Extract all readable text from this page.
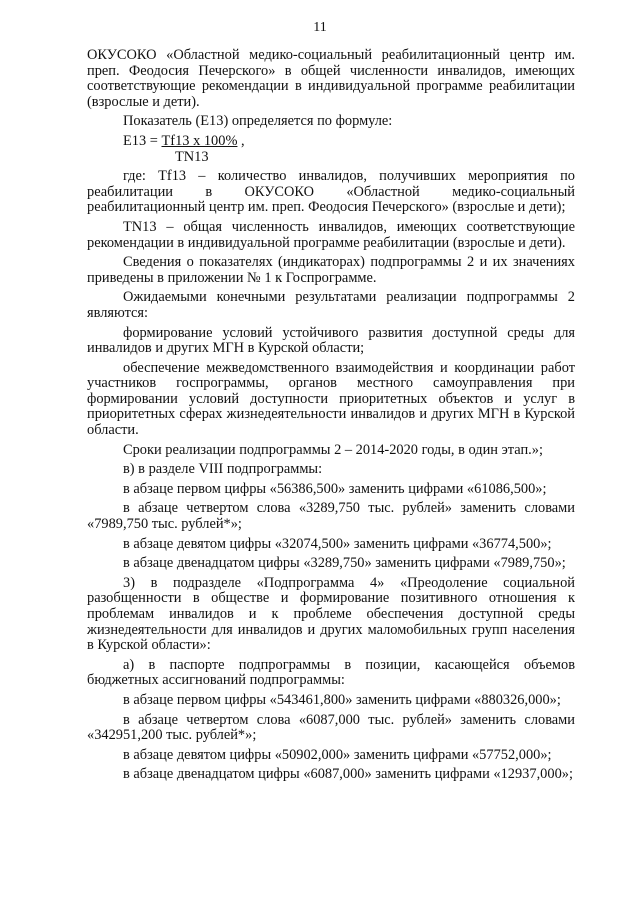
11

ОКУСОКО «Областной медико-социальный реабилитационный центр им. преп. Феодосия Печерского» в общей численности инвалидов, имеющих соответствующие рекомендации в индивидуальной программе реабилитации (взрослые и дети).

Показатель (Е13) определяется по формуле:

Е13 = Tf13 x 100% ,

TN13

где: Tf13 – количество инвалидов, получивших мероприятия по реабилитации в ОКУСОКО «Областной медико-социальный реабилитационный центр им. преп. Феодосия Печерского» (взрослые и дети);

TN13 – общая численность инвалидов, имеющих соответствующие рекомендации в индивидуальной программе реабилитации (взрослые и дети).

Сведения о показателях (индикаторах) подпрограммы 2 и их значениях приведены в приложении № 1 к Госпрограмме.

Ожидаемыми конечными результатами реализации подпрограммы 2 являются:

формирование условий устойчивого развития доступной среды для инвалидов и других МГН в Курской области;

обеспечение межведомственного взаимодействия и координации работ участников госпрограммы, органов местного самоуправления при формировании условий доступности приоритетных объектов и услуг в приоритетных сферах жизнедеятельности инвалидов и других МГН в Курской области.

Сроки реализации подпрограммы 2 – 2014-2020 годы, в один этап.»;

в) в разделе VIII подпрограммы:

в абзаце первом цифры «56386,500» заменить цифрами «61086,500»;

в абзаце четвертом слова «3289,750 тыс. рублей» заменить словами «7989,750 тыс. рублей*»;

в абзаце девятом цифры «32074,500» заменить цифрами «36774,500»;

в абзаце двенадцатом цифры «3289,750» заменить цифрами «7989,750»;

3) в подразделе «Подпрограмма 4» «Преодоление социальной разобщенности в обществе и формирование позитивного отношения к проблемам инвалидов и к проблеме обеспечения доступной среды жизнедеятельности для инвалидов и других маломобильных групп населения в Курской области»:

а) в паспорте подпрограммы в позиции, касающейся объемов бюджетных ассигнований подпрограммы:

в абзаце первом цифры «543461,800» заменить цифрами «880326,000»;

в абзаце четвертом слова «6087,000 тыс. рублей» заменить словами «342951,200 тыс. рублей*»;

в абзаце девятом цифры «50902,000» заменить цифрами «57752,000»;

в абзаце двенадцатом цифры «6087,000» заменить цифрами «12937,000»;
